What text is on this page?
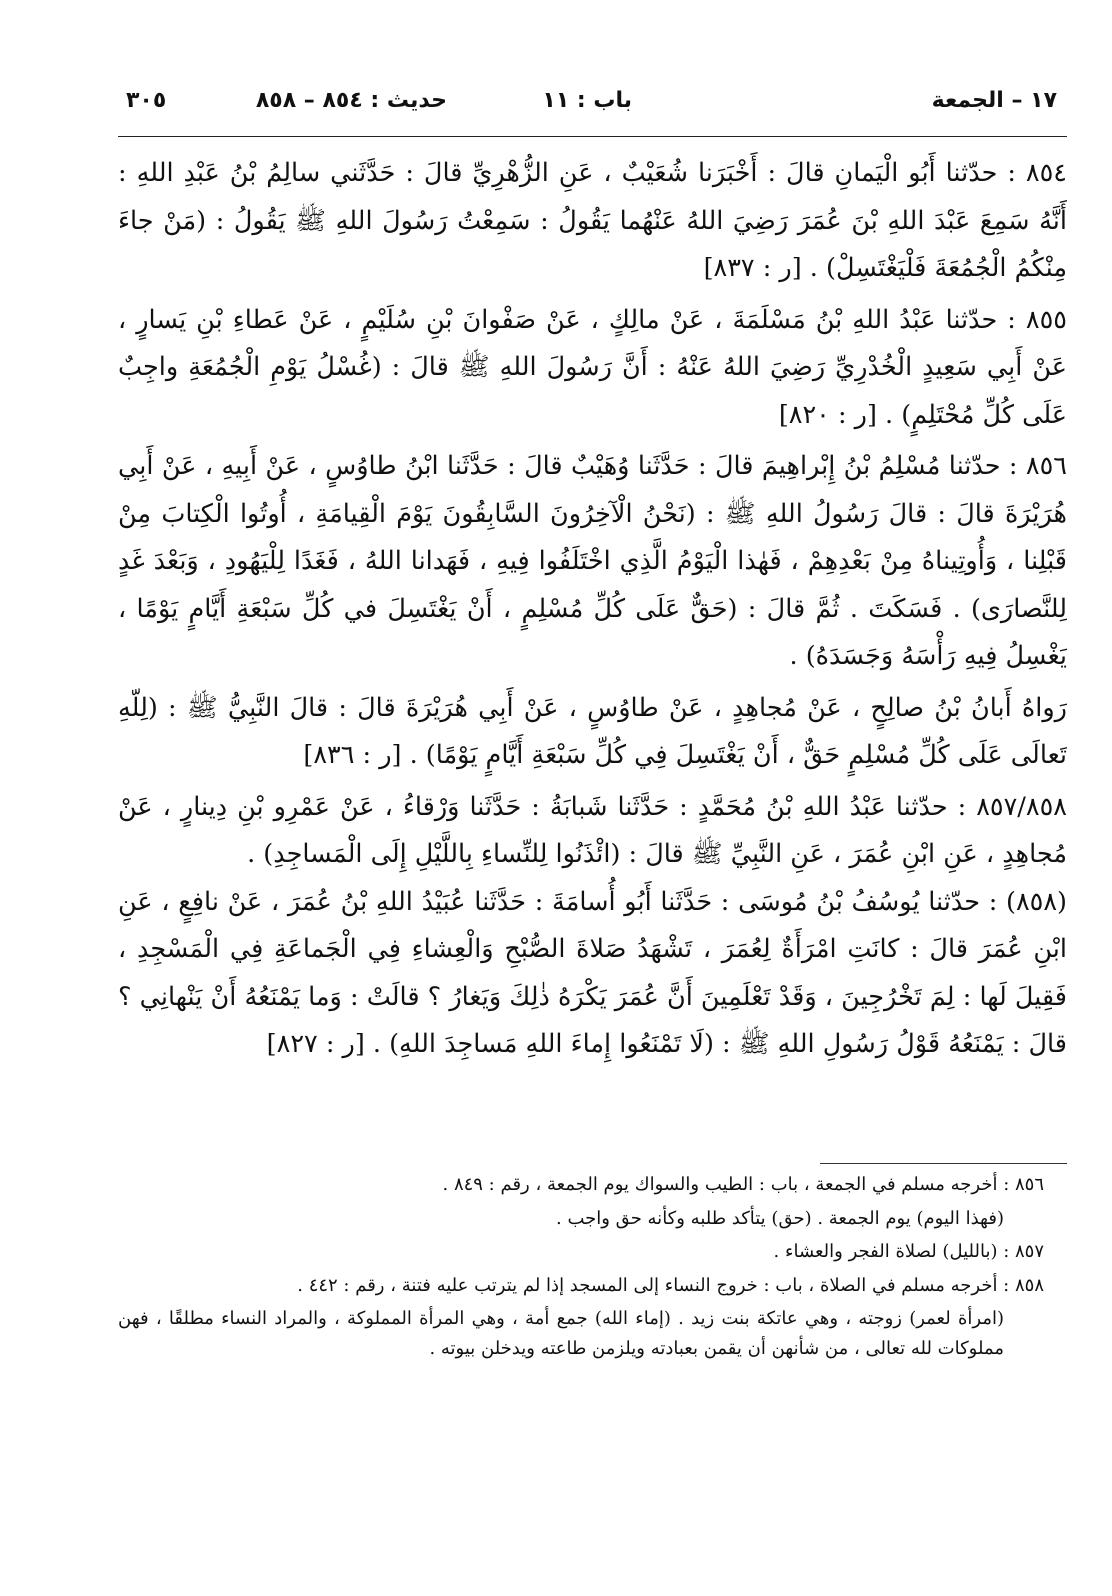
١٧ – الجمعة
باب : ١١
حديث : ٨٥٤ – ٨٥٨
٣٠٥

٨٥٤ : حدّثنا أَبُو الْيَمانِ قالَ : أَخْبَرَنا شُعَيْبٌ ، عَنِ الزُّهْرِيِّ قالَ : حَدَّثَني سالِمُ بْنُ عَبْدِ اللهِ : أَنَّهُ سَمِعَ عَبْدَ اللهِ بْنَ عُمَرَ رَضِيَ اللهُ عَنْهُما يَقُولُ : سَمِعْتُ رَسُولَ اللهِ ﷺ يَقُولُ : (مَنْ جاءَ مِنْكُمُ الْجُمُعَةَ فَلْيَغْتَسِلْ) . [ر : ٨٣٧]

٨٥٥ : حدّثنا عَبْدُ اللهِ بْنُ مَسْلَمَةَ ، عَنْ مالِكٍ ، عَنْ صَفْوانَ بْنِ سُلَيْمٍ ، عَنْ عَطاءِ بْنِ يَسارٍ ، عَنْ أَبِي سَعِيدٍ الْخُدْرِيِّ رَضِيَ اللهُ عَنْهُ : أَنَّ رَسُولَ اللهِ ﷺ قالَ : (غُسْلُ يَوْمِ الْجُمُعَةِ واجِبٌ عَلَى كُلِّ مُحْتَلِمٍ) . [ر : ٨٢٠]

٨٥٦ : حدّثنا مُسْلِمُ بْنُ إِبْراهِيمَ قالَ : حَدَّثَنا وُهَيْبٌ قالَ : حَدَّثَنا ابْنُ طاوُسٍ ، عَنْ أَبِيهِ ، عَنْ أَبِي هُرَيْرَةَ قالَ : قالَ رَسُولُ اللهِ ﷺ : (نَحْنُ الْآخِرُونَ السَّابِقُونَ يَوْمَ الْقِيامَةِ ، أُوتُوا الْكِتابَ مِنْ قَبْلِنا ، وَأُوتِيناهُ مِنْ بَعْدِهِمْ ، فَهٰذا الْيَوْمُ الَّذِي اخْتَلَفُوا فِيهِ ، فَهَدانا اللهُ ، فَغَدًا لِلْيَهُودِ ، وَبَعْدَ غَدٍ لِلنَّصارَى) . فَسَكَتَ . ثُمَّ قالَ : (حَقٌّ عَلَى كُلِّ مُسْلِمٍ ، أَنْ يَغْتَسِلَ في كُلِّ سَبْعَةِ أَيَّامٍ يَوْمًا ، يَغْسِلُ فِيهِ رَأْسَهُ وَجَسَدَهُ) .

رَواهُ أَبانُ بْنُ صالِحٍ ، عَنْ مُجاهِدٍ ، عَنْ طاوُسٍ ، عَنْ أَبِي هُرَيْرَةَ قالَ : قالَ النَّبِيُّ ﷺ : (لِلّهِ تَعالَى عَلَى كُلِّ مُسْلِمٍ حَقٌّ ، أَنْ يَغْتَسِلَ فِي كُلِّ سَبْعَةِ أَيَّامٍ يَوْمًا) . [ر : ٨٣٦]

٨٥٧/٨٥٨ : حدّثنا عَبْدُ اللهِ بْنُ مُحَمَّدٍ : حَدَّثَنا شَبابَةُ : حَدَّثَنا وَرْقاءُ ، عَنْ عَمْرِو بْنِ دِينارٍ ، عَنْ مُجاهِدٍ ، عَنِ ابْنِ عُمَرَ ، عَنِ النَّبِيِّ ﷺ قالَ : (ائْذَنُوا لِلنِّساءِ بِاللَّيْلِ إِلَى الْمَساجِدِ) .

(٨٥٨) : حدّثنا يُوسُفُ بْنُ مُوسَى : حَدَّثَنا أَبُو أُسامَةَ : حَدَّثَنا عُبَيْدُ اللهِ بْنُ عُمَرَ ، عَنْ نافِعٍ ، عَنِ ابْنِ عُمَرَ قالَ : كانَتِ امْرَأَةٌ لِعُمَرَ ، تَشْهَدُ صَلاةَ الصُّبْحِ وَالْعِشاءِ فِي الْجَماعَةِ فِي الْمَسْجِدِ ، فَقِيلَ لَها : لِمَ تَخْرُجِينَ ، وَقَدْ تَعْلَمِينَ أَنَّ عُمَرَ يَكْرَهُ ذٰلِكَ وَيَغارُ ؟ قالَتْ : وَما يَمْنَعُهُ أَنْ يَنْهانِي ؟ قالَ : يَمْنَعُهُ قَوْلُ رَسُولِ اللهِ ﷺ : (لَا تَمْنَعُوا إِماءَ اللهِ مَساجِدَ اللهِ) . [ر : ٨٢٧]

٨٥٦ : أخرجه مسلم في الجمعة ، باب : الطيب والسواك يوم الجمعة ، رقم : ٨٤٩ .

(فهذا اليوم) يوم الجمعة . (حق) يتأكد طلبه وكأنه حق واجب .

٨٥٧ : (بالليل) لصلاة الفجر والعشاء .

٨٥٨ : أخرجه مسلم في الصلاة ، باب : خروج النساء إلى المسجد إذا لم يترتب عليه فتنة ، رقم : ٤٤٢ .

(امرأة لعمر) زوجته ، وهي عاتكة بنت زيد . (إماء الله) جمع أمة ، وهي المرأة المملوكة ، والمراد النساء مطلقًا ، فهن مملوكات لله تعالى ، من شأنهن أن يقمن بعبادته ويلزمن طاعته ويدخلن بيوته .
